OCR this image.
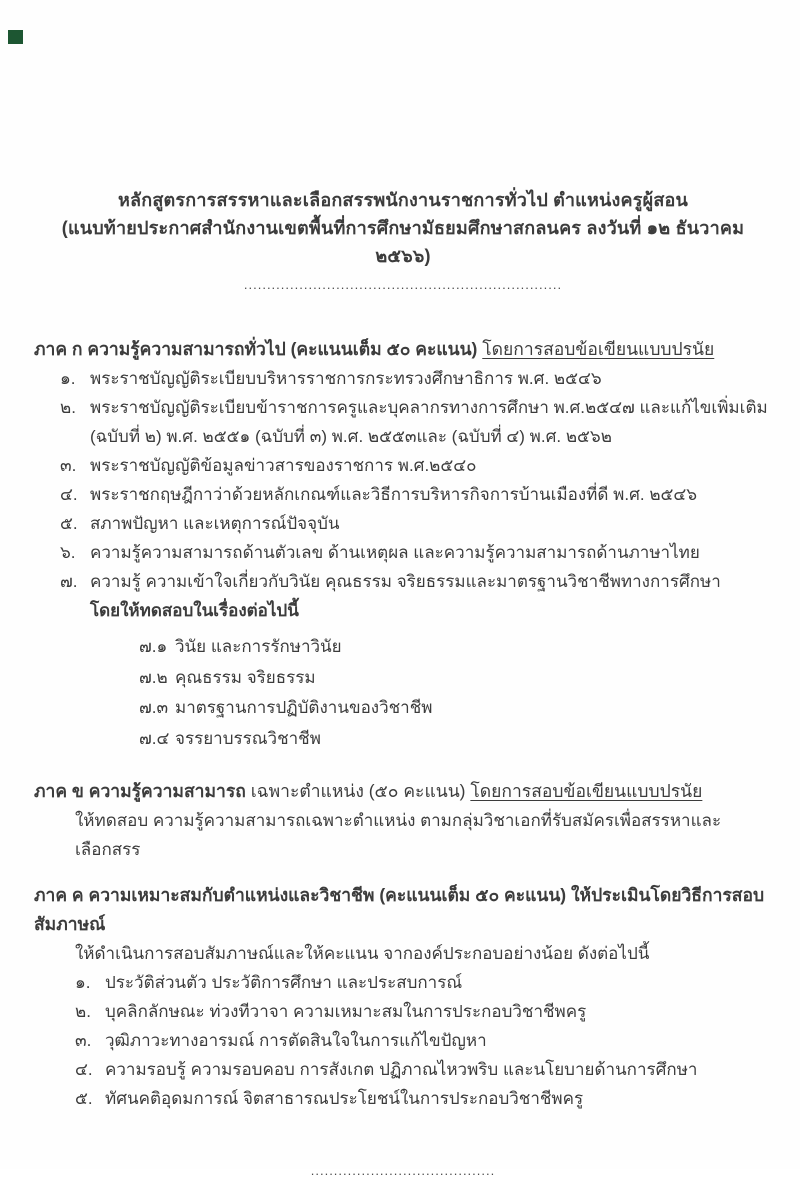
หลักสูตรการสรรหาและเลือกสรรพนักงานราชการทั่วไป ตำแหน่งครูผู้สอน
(แนบท้ายประกาศสำนักงานเขตพื้นที่การศึกษามัธยมศึกษาสกลนคร ลงวันที่ ๑๒ ธันวาคม ๒๕๖๖)
.....................................................................
ภาค ก ความรู้ความสามารถทั่วไป (คะแนนเต็ม ๕๐ คะแนน) โดยการสอบข้อเขียนแบบปรนัย
๑. พระราชบัญญัติระเบียบบริหารราชการกระทรวงศึกษาธิการ พ.ศ. ๒๕๔๖
๒. พระราชบัญญัติระเบียบข้าราชการครูและบุคลากรทางการศึกษา พ.ศ.๒๕๔๗ และแก้ไขเพิ่มเติม (ฉบับที่ ๒) พ.ศ. ๒๕๕๑ (ฉบับที่ ๓) พ.ศ. ๒๕๕๓และ (ฉบับที่ ๔) พ.ศ. ๒๕๖๒
๓. พระราชบัญญัติข้อมูลข่าวสารของราชการ พ.ศ.๒๕๔๐
๔. พระราชกฤษฎีกาว่าด้วยหลักเกณฑ์และวิธีการบริหารกิจการบ้านเมืองที่ดี พ.ศ. ๒๕๔๖
๕. สภาพปัญหา และเหตุการณ์ปัจจุบัน
๖. ความรู้ความสามารถด้านตัวเลข ด้านเหตุผล และความรู้ความสามารถด้านภาษาไทย
๗. ความรู้ ความเข้าใจเกี่ยวกับวินัย คุณธรรม จริยธรรมและมาตรฐานวิชาชีพทางการศึกษา
โดยให้ทดสอบในเรื่องต่อไปนี้
๗.๑ วินัย และการรักษาวินัย
๗.๒ คุณธรรม จริยธรรม
๗.๓ มาตรฐานการปฏิบัติงานของวิชาชีพ
๗.๔ จรรยาบรรณวิชาชีพ
ภาค ข ความรู้ความสามารถ เฉพาะตำแหน่ง (๕๐ คะแนน) โดยการสอบข้อเขียนแบบปรนัย
ให้ทดสอบ ความรู้ความสามารถเฉพาะตำแหน่ง ตามกลุ่มวิชาเอกที่รับสมัครเพื่อสรรหาและเลือกสรร
ภาค ค ความเหมาะสมกับตำแหน่งและวิชาชีพ (คะแนนเต็ม ๕๐ คะแนน) ให้ประเมินโดยวิธีการสอบสัมภาษณ์
ให้ดำเนินการสอบสัมภาษณ์และให้คะแนน จากองค์ประกอบอย่างน้อย ดังต่อไปนี้
๑. ประวัติส่วนตัว ประวัติการศึกษา และประสบการณ์
๒. บุคลิกลักษณะ ท่วงทีวาจา ความเหมาะสมในการประกอบวิชาชีพครู
๓. วุฒิภาวะทางอารมณ์ การตัดสินใจในการแก้ไขปัญหา
๔. ความรอบรู้ ความรอบคอบ การสังเกต ปฏิภาณไหวพริบ และนโยบายด้านการศึกษา
๕. ทัศนคติอุดมการณ์ จิตสาธารณประโยชน์ในการประกอบวิชาชีพครู
........................................
